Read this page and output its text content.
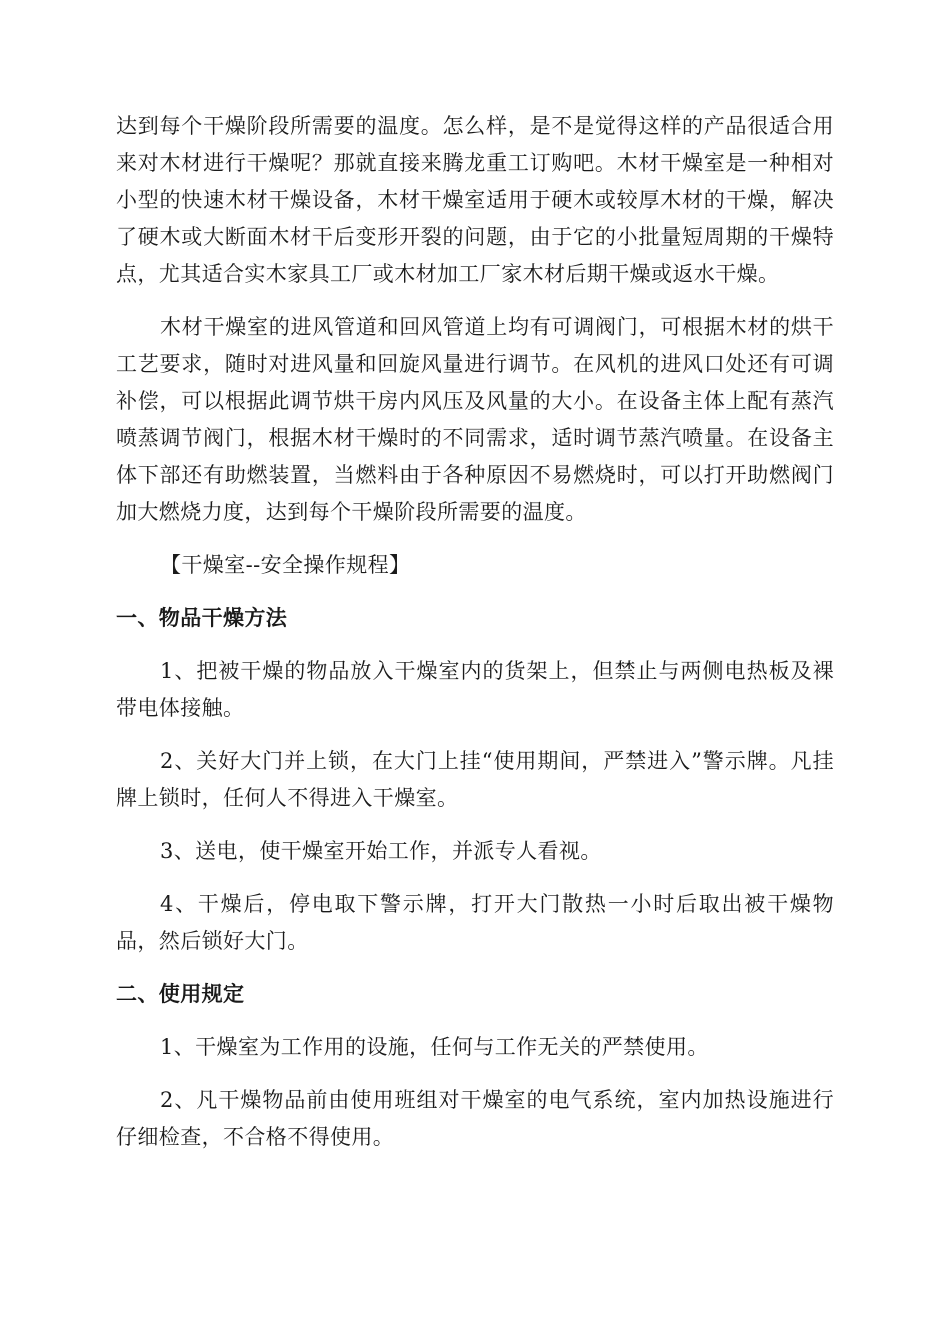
达到每个干燥阶段所需要的温度。怎么样，是不是觉得这样的产品很适合用来对木材进行干燥呢？那就直接来腾龙重工订购吧。木材干燥室是一种相对小型的快速木材干燥设备，木材干燥室适用于硬木或较厚木材的干燥，解决了硬木或大断面木材干后变形开裂的问题，由于它的小批量短周期的干燥特点，尤其适合实木家具工厂或木材加工厂家木材后期干燥或返水干燥。

木材干燥室的进风管道和回风管道上均有可调阀门，可根据木材的烘干工艺要求，随时对进风量和回旋风量进行调节。在风机的进风口处还有可调补偿，可以根据此调节烘干房内风压及风量的大小。在设备主体上配有蒸汽喷蒸调节阀门，根据木材干燥时的不同需求，适时调节蒸汽喷量。在设备主体下部还有助燃装置，当燃料由于各种原因不易燃烧时，可以打开助燃阀门加大燃烧力度，达到每个干燥阶段所需要的温度。

【干燥室--安全操作规程】

一、物品干燥方法

1、把被干燥的物品放入干燥室内的货架上，但禁止与两侧电热板及裸带电体接触。

2、关好大门并上锁，在大门上挂“使用期间，严禁进入”警示牌。凡挂牌上锁时，任何人不得进入干燥室。

3、送电，使干燥室开始工作，并派专人看视。

4、干燥后，停电取下警示牌，打开大门散热一小时后取出被干燥物品，然后锁好大门。

二、使用规定

1、干燥室为工作用的设施，任何与工作无关的严禁使用。

2、凡干燥物品前由使用班组对干燥室的电气系统，室内加热设施进行仔细检查，不合格不得使用。
